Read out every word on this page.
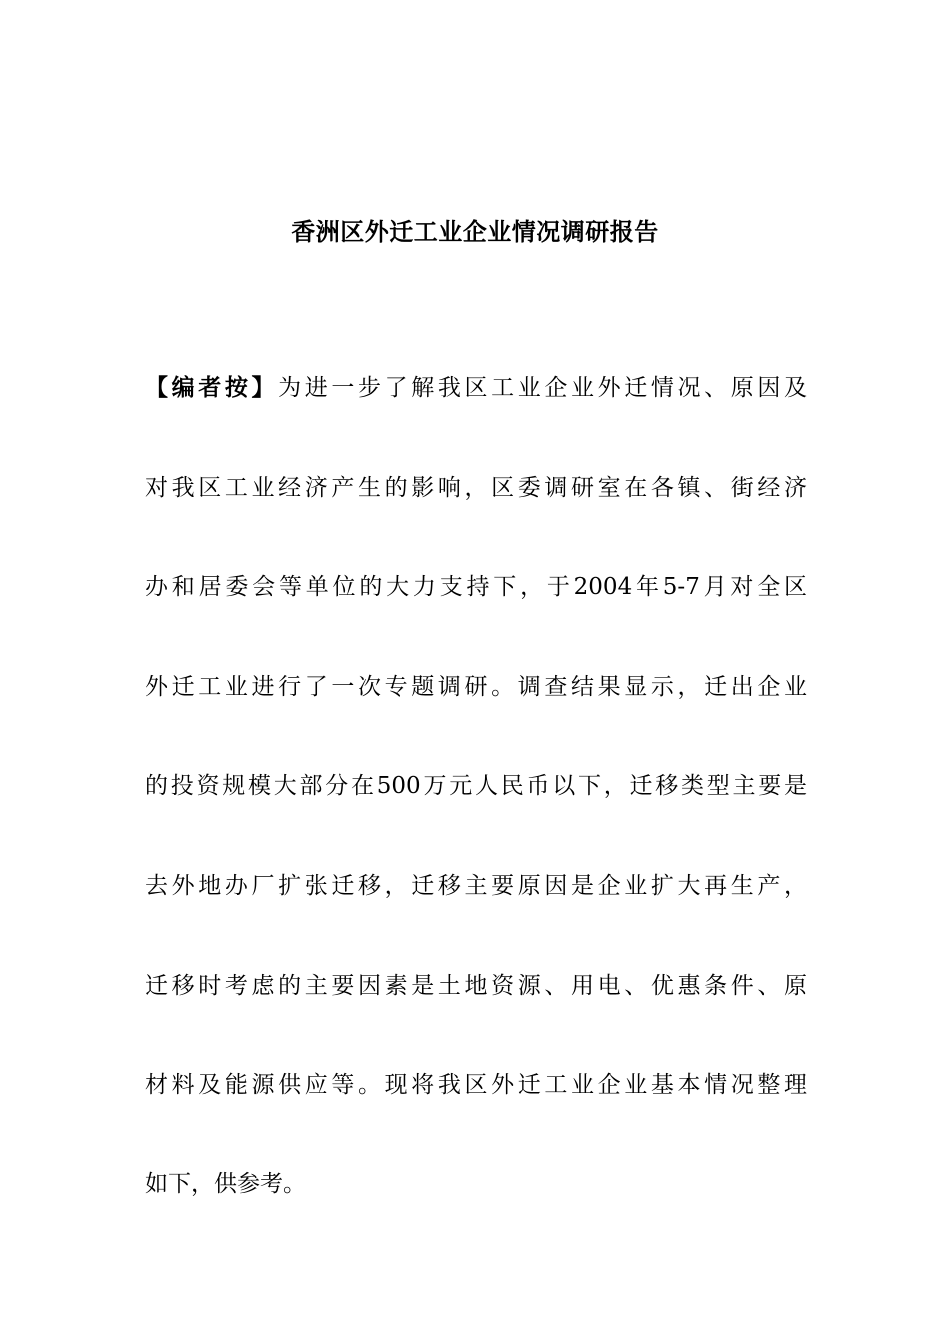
香洲区外迁工业企业情况调研报告
【编者按】为进一步了解我区工业企业外迁情况、原因及
对我区工业经济产生的影响，区委调研室在各镇、街经济
办和居委会等单位的大力支持下，于2004年5-7月对全区
外迁工业进行了一次专题调研。调查结果显示，迁出企业
的投资规模大部分在500万元人民币以下，迁移类型主要是
去外地办厂扩张迁移，迁移主要原因是企业扩大再生产，
迁移时考虑的主要因素是土地资源、用电、优惠条件、原
材料及能源供应等。现将我区外迁工业企业基本情况整理
如下，供参考。
